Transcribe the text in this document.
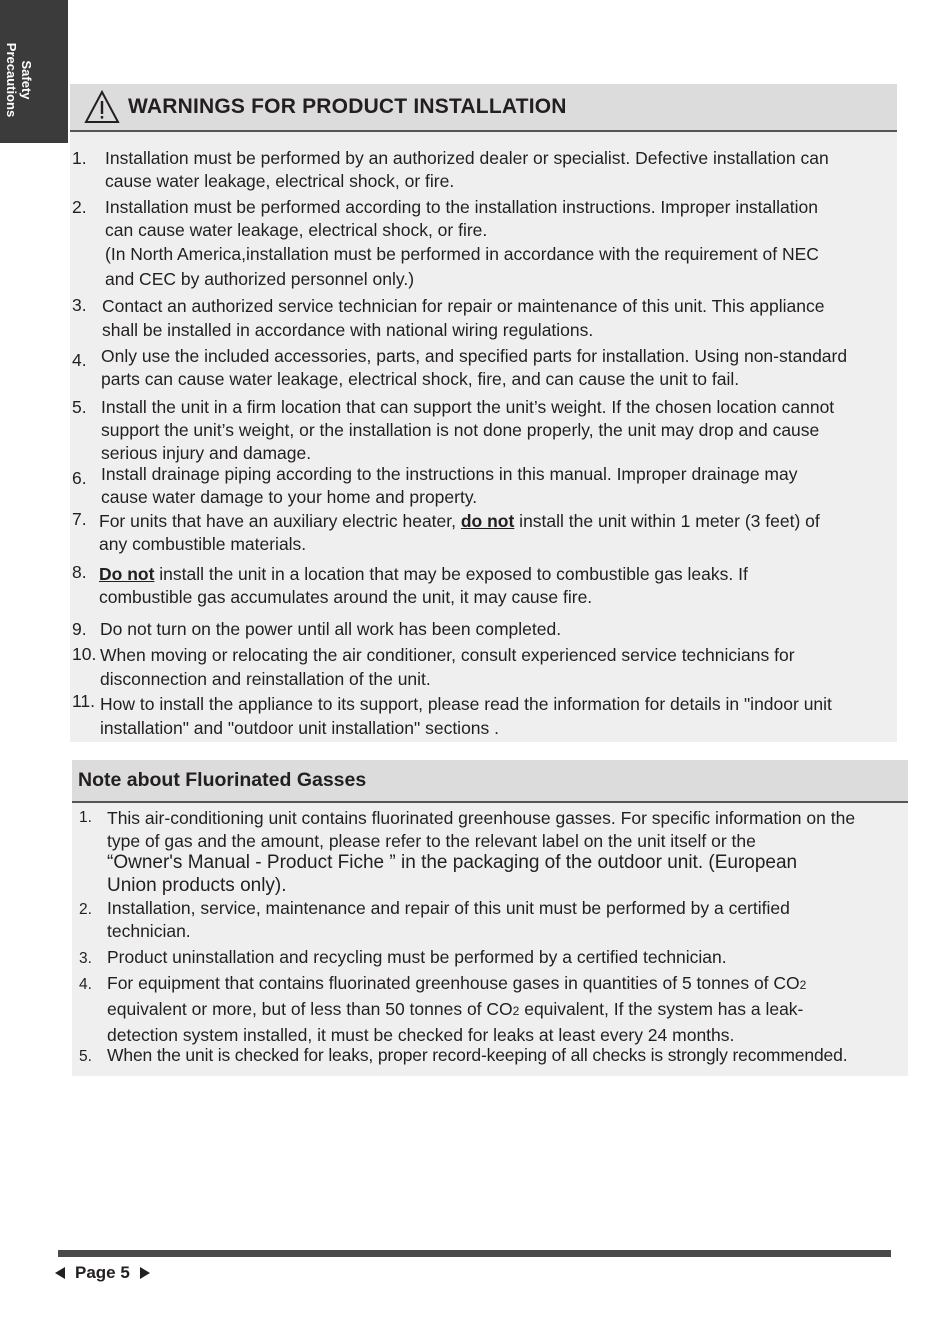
Safety
Precautions	WARNINGS FOR PRODUCT INSTALLATION
1. Installation must be performed by an authorized dealer or specialist. Defective installation can
cause water leakage, electrical shock, or fire.
2. Installation must be performed according to the installation instructions. Improper installation
can cause water leakage, electrical shock, or fire.
(In North America,installation must be performed in accordance with the requirement of NEC
and CEC by authorized personnel only.)
3. Contact an authorized service technician for repair or maintenance of this unit. This appliance
shall be installed in accordance with national wiring regulations.
4. Only use the included accessories, parts, and specified parts for installation. Using non-standard
parts can cause water leakage, electrical shock, fire, and can cause the unit to fail.
5. Install the unit in a firm location that can support the unit’s weight. If the chosen location cannot
support the unit’s weight, or the installation is not done properly, the unit may drop and cause
serious injury and damage.
6. Install drainage piping according to the instructions in this manual. Improper drainage may
cause water damage to your home and property.
7. For units that have an auxiliary electric heater, do not install the unit within 1 meter (3 feet) of
any combustible materials.
8. Do not install the unit in a location that may be exposed to combustible gas leaks. If
combustible gas accumulates around the unit, it may cause fire.
9. Do not turn on the power until all work has been completed.
10. When moving or relocating the air conditioner, consult experienced service technicians for
disconnection and reinstallation of the unit.
11. How to install the appliance to its support, please read the information for details in "indoor unit
installation" and "outdoor unit installation" sections .
Note about Fluorinated Gasses
1. This air-conditioning unit contains fluorinated greenhouse gasses. For specific information on the
type of gas and the amount, please refer to the relevant label on the unit itself or the
“Owner's Manual - Product Fiche ” in the packaging of the outdoor unit. (European
Union products only).
2. Installation, service, maintenance and repair of this unit must be performed by a certified
technician.
3. Product uninstallation and recycling must be performed by a certified technician.
4. For equipment that contains fluorinated greenhouse gases in quantities of 5 tonnes of CO2
equivalent or more, but of less than 50 tonnes of CO2 equivalent, If the system has a leak-
detection system installed, it must be checked for leaks at least every 24 months.
5. When the unit is checked for leaks, proper record-keeping of all checks is strongly recommended.
Page 5
